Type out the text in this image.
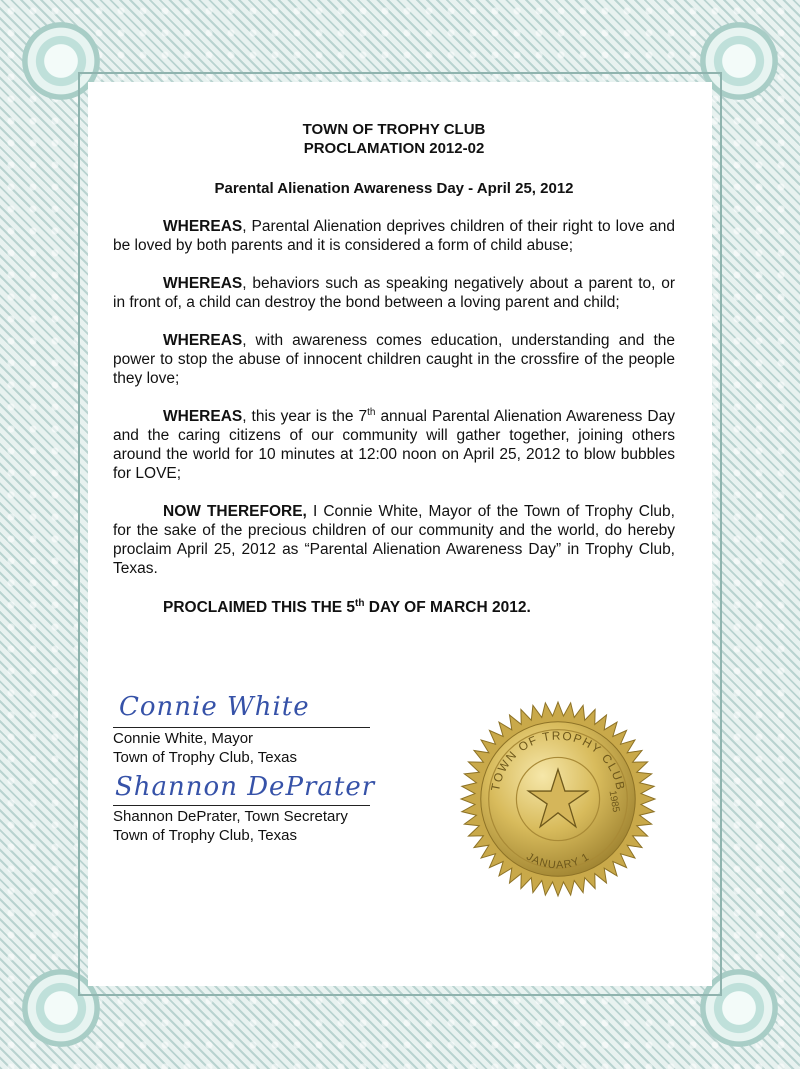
TOWN OF TROPHY CLUB
PROCLAMATION 2012-02
Parental Alienation Awareness Day - April 25, 2012
WHEREAS, Parental Alienation deprives children of their right to love and be loved by both parents and it is considered a form of child abuse;
WHEREAS, behaviors such as speaking negatively about a parent to, or in front of, a child can destroy the bond between a loving parent and child;
WHEREAS, with awareness comes education, understanding and the power to stop the abuse of innocent children caught in the crossfire of the people they love;
WHEREAS, this year is the 7th annual Parental Alienation Awareness Day and the caring citizens of our community will gather together, joining others around the world for 10 minutes at 12:00 noon on April 25, 2012 to blow bubbles for LOVE;
NOW THEREFORE, I Connie White, Mayor of the Town of Trophy Club, for the sake of the precious children of our community and the world, do hereby proclaim April 25, 2012 as “Parental Alienation Awareness Day” in Trophy Club, Texas.
PROCLAIMED THIS THE 5th DAY OF MARCH 2012.
Connie White
Connie White, Mayor
Town of Trophy Club, Texas
Shannon DePrater
Shannon DePrater, Town Secretary
Town of Trophy Club, Texas
TOWN OF TROPHY CLUB
JANUARY 1
1985
